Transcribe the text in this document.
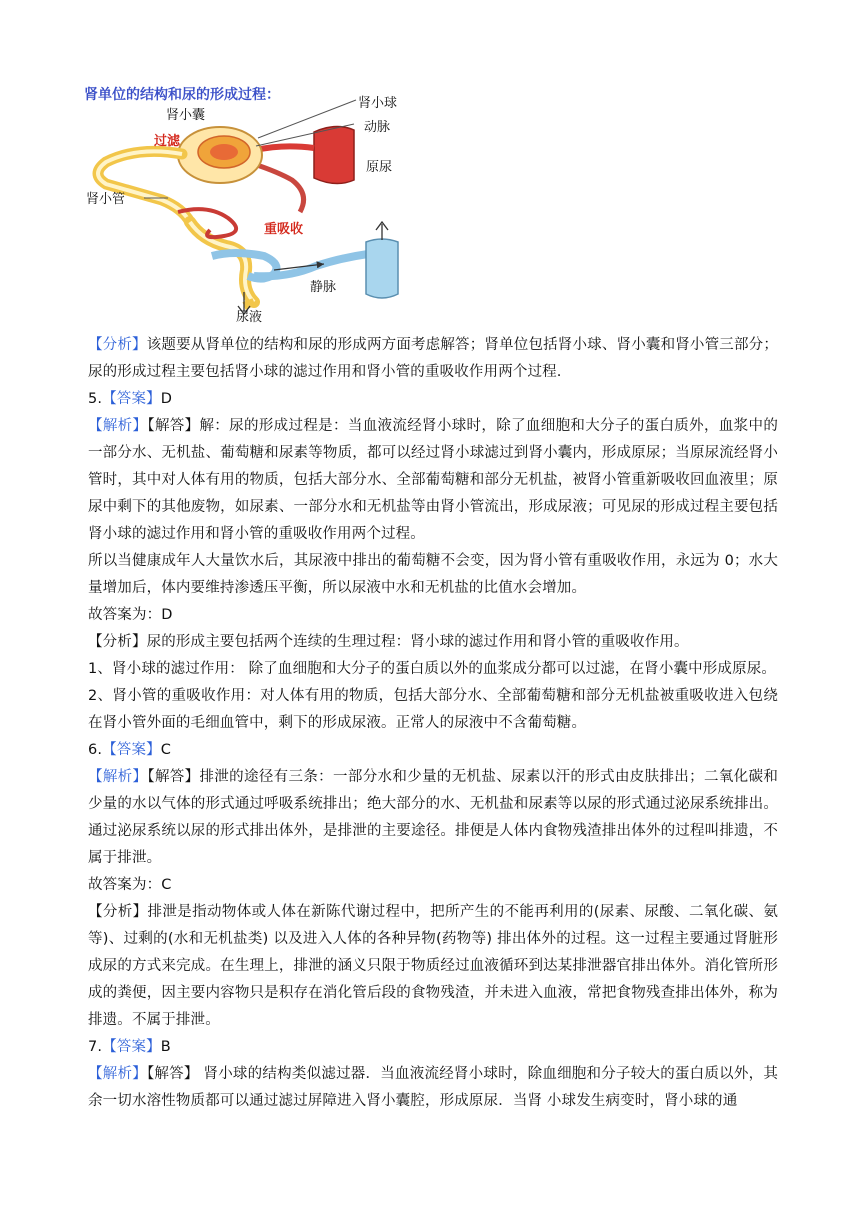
肾单位的结构和尿的形成过程：
肾小球
肾小囊
过滤
动脉
原尿
肾小管
重吸收
静脉
尿液

【分析】该题要从肾单位的结构和尿的形成两方面考虑解答；肾单位包括肾小球、肾小囊和肾小管三部分；尿的形成过程主要包括肾小球的滤过作用和肾小管的重吸收作用两个过程.

5.【答案】D

【解析】【解答】解：尿的形成过程是：当血液流经肾小球时，除了血细胞和大分子的蛋白质外，血浆中的一部分水、无机盐、葡萄糖和尿素等物质，都可以经过肾小球滤过到肾小囊内，形成原尿；当原尿流经肾小管时，其中对人体有用的物质，包括大部分水、全部葡萄糖和部分无机盐，被肾小管重新吸收回血液里；原尿中剩下的其他废物，如尿素、一部分水和无机盐等由肾小管流出，形成尿液；可见尿的形成过程主要包括肾小球的滤过作用和肾小管的重吸收作用两个过程。

所以当健康成年人大量饮水后，其尿液中排出的葡萄糖不会变，因为肾小管有重吸收作用，永远为 0；水大量增加后，体内要维持渗透压平衡，所以尿液中水和无机盐的比值水会增加。

故答案为：D

【分析】尿的形成主要包括两个连续的生理过程：肾小球的滤过作用和肾小管的重吸收作用。

1、肾小球的滤过作用： 除了血细胞和大分子的蛋白质以外的血浆成分都可以过滤，在肾小囊中形成原尿。

2、肾小管的重吸收作用：对人体有用的物质，包括大部分水、全部葡萄糖和部分无机盐被重吸收进入包绕在肾小管外面的毛细血管中，剩下的形成尿液。正常人的尿液中不含葡萄糖。

6.【答案】C

【解析】【解答】排泄的途径有三条：一部分水和少量的无机盐、尿素以汗的形式由皮肤排出；二氧化碳和少量的水以气体的形式通过呼吸系统排出；绝大部分的水、无机盐和尿素等以尿的形式通过泌尿系统排出。通过泌尿系统以尿的形式排出体外，是排泄的主要途径。排便是人体内食物残渣排出体外的过程叫排遗，不属于排泄。

故答案为：C

【分析】排泄是指动物体或人体在新陈代谢过程中，把所产生的不能再利用的(尿素、尿酸、二氧化碳、氨等)、过剩的(水和无机盐类) 以及进入人体的各种异物(药物等) 排出体外的过程。这一过程主要通过肾脏形成尿的方式来完成。在生理上，排泄的涵义只限于物质经过血液循环到达某排泄器官排出体外。消化管所形成的粪便，因主要内容物只是积存在消化管后段的食物残渣，并未进入血液，常把食物残查排出体外，称为排遗。不属于排泄。

7.【答案】B

【解析】【解答】 肾小球的结构类似滤过器．当血液流经肾小球时，除血细胞和分子较大的蛋白质以外，其余一切水溶性物质都可以通过滤过屏障进入肾小囊腔，形成原尿．当肾 小球发生病变时，肾小球的通
